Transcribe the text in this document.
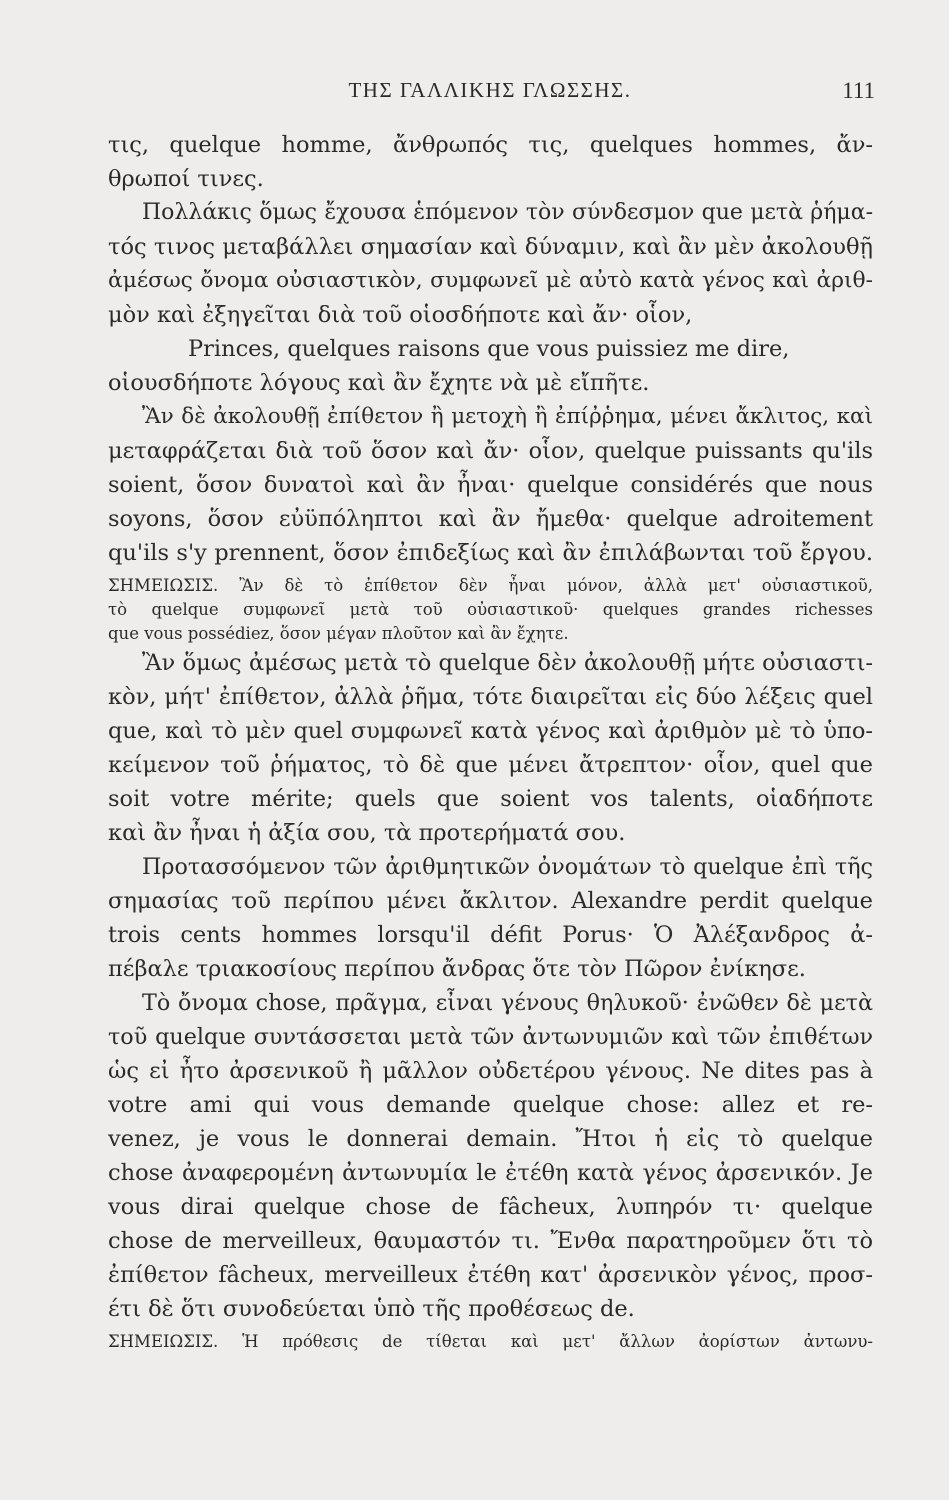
ΤΗΣ ΓΑΛΛΙΚΗΣ ΓΛΩΣΣΗΣ.	111
τις, quelque homme, ἄνθρωπός τις, quelques hommes, ἄν-
θρωποί τινες.
Πολλάκις ὅμως ἔχουσα ἑπόμενον τὸν σύνδεσμον que μετὰ ῥήμα-
τός τινος μεταβάλλει σημασίαν καὶ δύναμιν, καὶ ἂν μὲν ἀκολουθῇ
ἀμέσως ὄνομα οὐσιαστικὸν, συμφωνεῖ μὲ αὐτὸ κατὰ γένος καὶ ἀριθ-
μὸν καὶ ἐξηγεῖται διὰ τοῦ οἱοσδήποτε καὶ ἄν· οἷον,
Princes, quelques raisons que vous puissiez me dire,
οἱουσδήποτε λόγους καὶ ἂν ἔχητε νὰ μὲ εἴπῆτε.
Ἂν δὲ ἀκολουθῇ ἐπίθετον ἢ μετοχὴ ἢ ἐπίῤῥημα, μένει ἄκλιτος, καὶ
μεταφράζεται διὰ τοῦ ὅσον καὶ ἄν· οἷον, quelque puissants qu'ils
soient, ὅσον δυνατοὶ καὶ ἂν ἦναι· quelque considérés que nous
soyons, ὅσον εὐϋπόληπτοι καὶ ἂν ἤμεθα· quelque adroitement
qu'ils s'y prennent, ὅσον ἐπιδεξίως καὶ ἂν ἐπιλάβωνται τοῦ ἔργου.
ΣΗΜΕΙΩΣΙΣ. Ἂν δὲ τὸ ἐπίθετον δὲν ἦναι μόνον, ἀλλὰ μετ' οὐσιαστικοῦ,
τὸ quelque συμφωνεῖ μετὰ τοῦ οὐσιαστικοῦ· quelques grandes richesses
que vous possédiez, ὅσον μέγαν πλοῦτον καὶ ἂν ἔχητε.
Ἂν ὅμως ἀμέσως μετὰ τὸ quelque δὲν ἀκολουθῇ μήτε οὐσιαστι-
κὸν, μήτ' ἐπίθετον, ἀλλὰ ῥῆμα, τότε διαιρεῖται εἰς δύο λέξεις quel
que, καὶ τὸ μὲν quel συμφωνεῖ κατὰ γένος καὶ ἀριθμὸν μὲ τὸ ὑπο-
κείμενον τοῦ ῥήματος, τὸ δὲ que μένει ἄτρεπτον· οἷον, quel que
soit votre mérite; quels que soient vos talents, οἱαδήποτε
καὶ ἂν ἦναι ἡ ἀξία σου, τὰ προτερήματά σου.
Προτασσόμενον τῶν ἀριθμητικῶν ὀνομάτων τὸ quelque ἐπὶ τῆς
σημασίας τοῦ περίπου μένει ἄκλιτον. Alexandre perdit quelque
trois cents hommes lorsqu'il défit Porus· Ὁ Ἀλέξανδρος ἀ-
πέβαλε τριακοσίους περίπου ἄνδρας ὅτε τὸν Πῶρον ἐνίκησε.
Τὸ ὄνομα chose, πρᾶγμα, εἶναι γένους θηλυκοῦ· ἐνῶθεν δὲ μετὰ
τοῦ quelque συντάσσεται μετὰ τῶν ἀντωνυμιῶν καὶ τῶν ἐπιθέτων
ὡς εἰ ἦτο ἀρσενικοῦ ἢ μᾶλλον οὐδετέρου γένους. Ne dites pas à
votre ami qui vous demande quelque chose: allez et re-
venez, je vous le donnerai demain. Ἤτοι ἡ εἰς τὸ quelque
chose ἀναφερομένη ἀντωνυμία le ἐτέθη κατὰ γένος ἀρσενικόν. Je
vous dirai quelque chose de fâcheux, λυπηρόν τι· quelque
chose de merveilleux, θαυμαστόν τι. Ἔνθα παρατηροῦμεν ὅτι τὸ
ἐπίθετον fâcheux, merveilleux ἐτέθη κατ' ἀρσενικὸν γένος, προσ-
έτι δὲ ὅτι συνοδεύεται ὑπὸ τῆς προθέσεως de.
ΣΗΜΕΙΩΣΙΣ. Ἡ πρόθεσις de τίθεται καὶ μετ' ἄλλων ἀορίστων ἀντωνυ-
